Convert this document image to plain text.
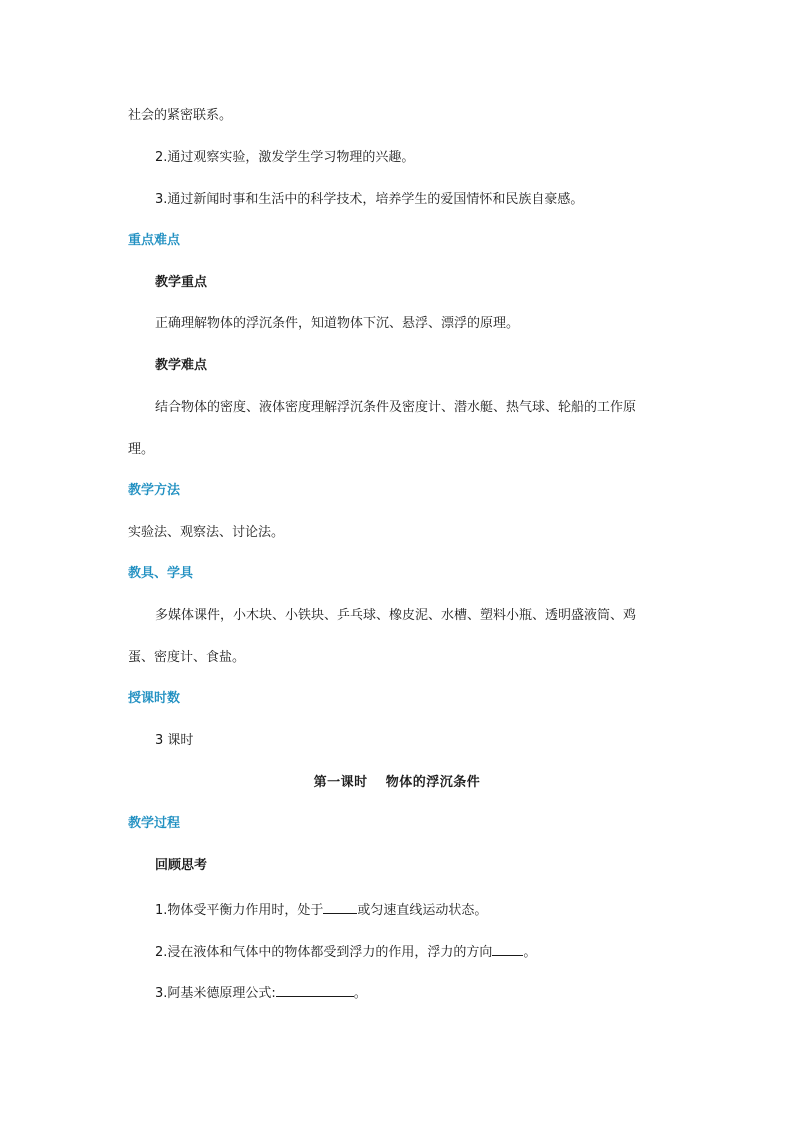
社会的紧密联系。
2.通过观察实验，激发学生学习物理的兴趣。
3.通过新闻时事和生活中的科学技术，培养学生的爱国情怀和民族自豪感。
重点难点
教学重点
正确理解物体的浮沉条件，知道物体下沉、悬浮、漂浮的原理。
教学难点
结合物体的密度、液体密度理解浮沉条件及密度计、潜水艇、热气球、轮船的工作原
理。
教学方法
实验法、观察法、讨论法。
教具、学具
多媒体课件，小木块、小铁块、乒乓球、橡皮泥、水槽、塑料小瓶、透明盛液筒、鸡
蛋、密度计、食盐。
授课时数
3 课时
第一课时 物体的浮沉条件
教学过程
回顾思考
1.物体受平衡力作用时，处于	或匀速直线运动状态。
2.浸在液体和气体中的物体都受到浮力的作用，浮力的方向 。
3.阿基米德原理公式:	。
